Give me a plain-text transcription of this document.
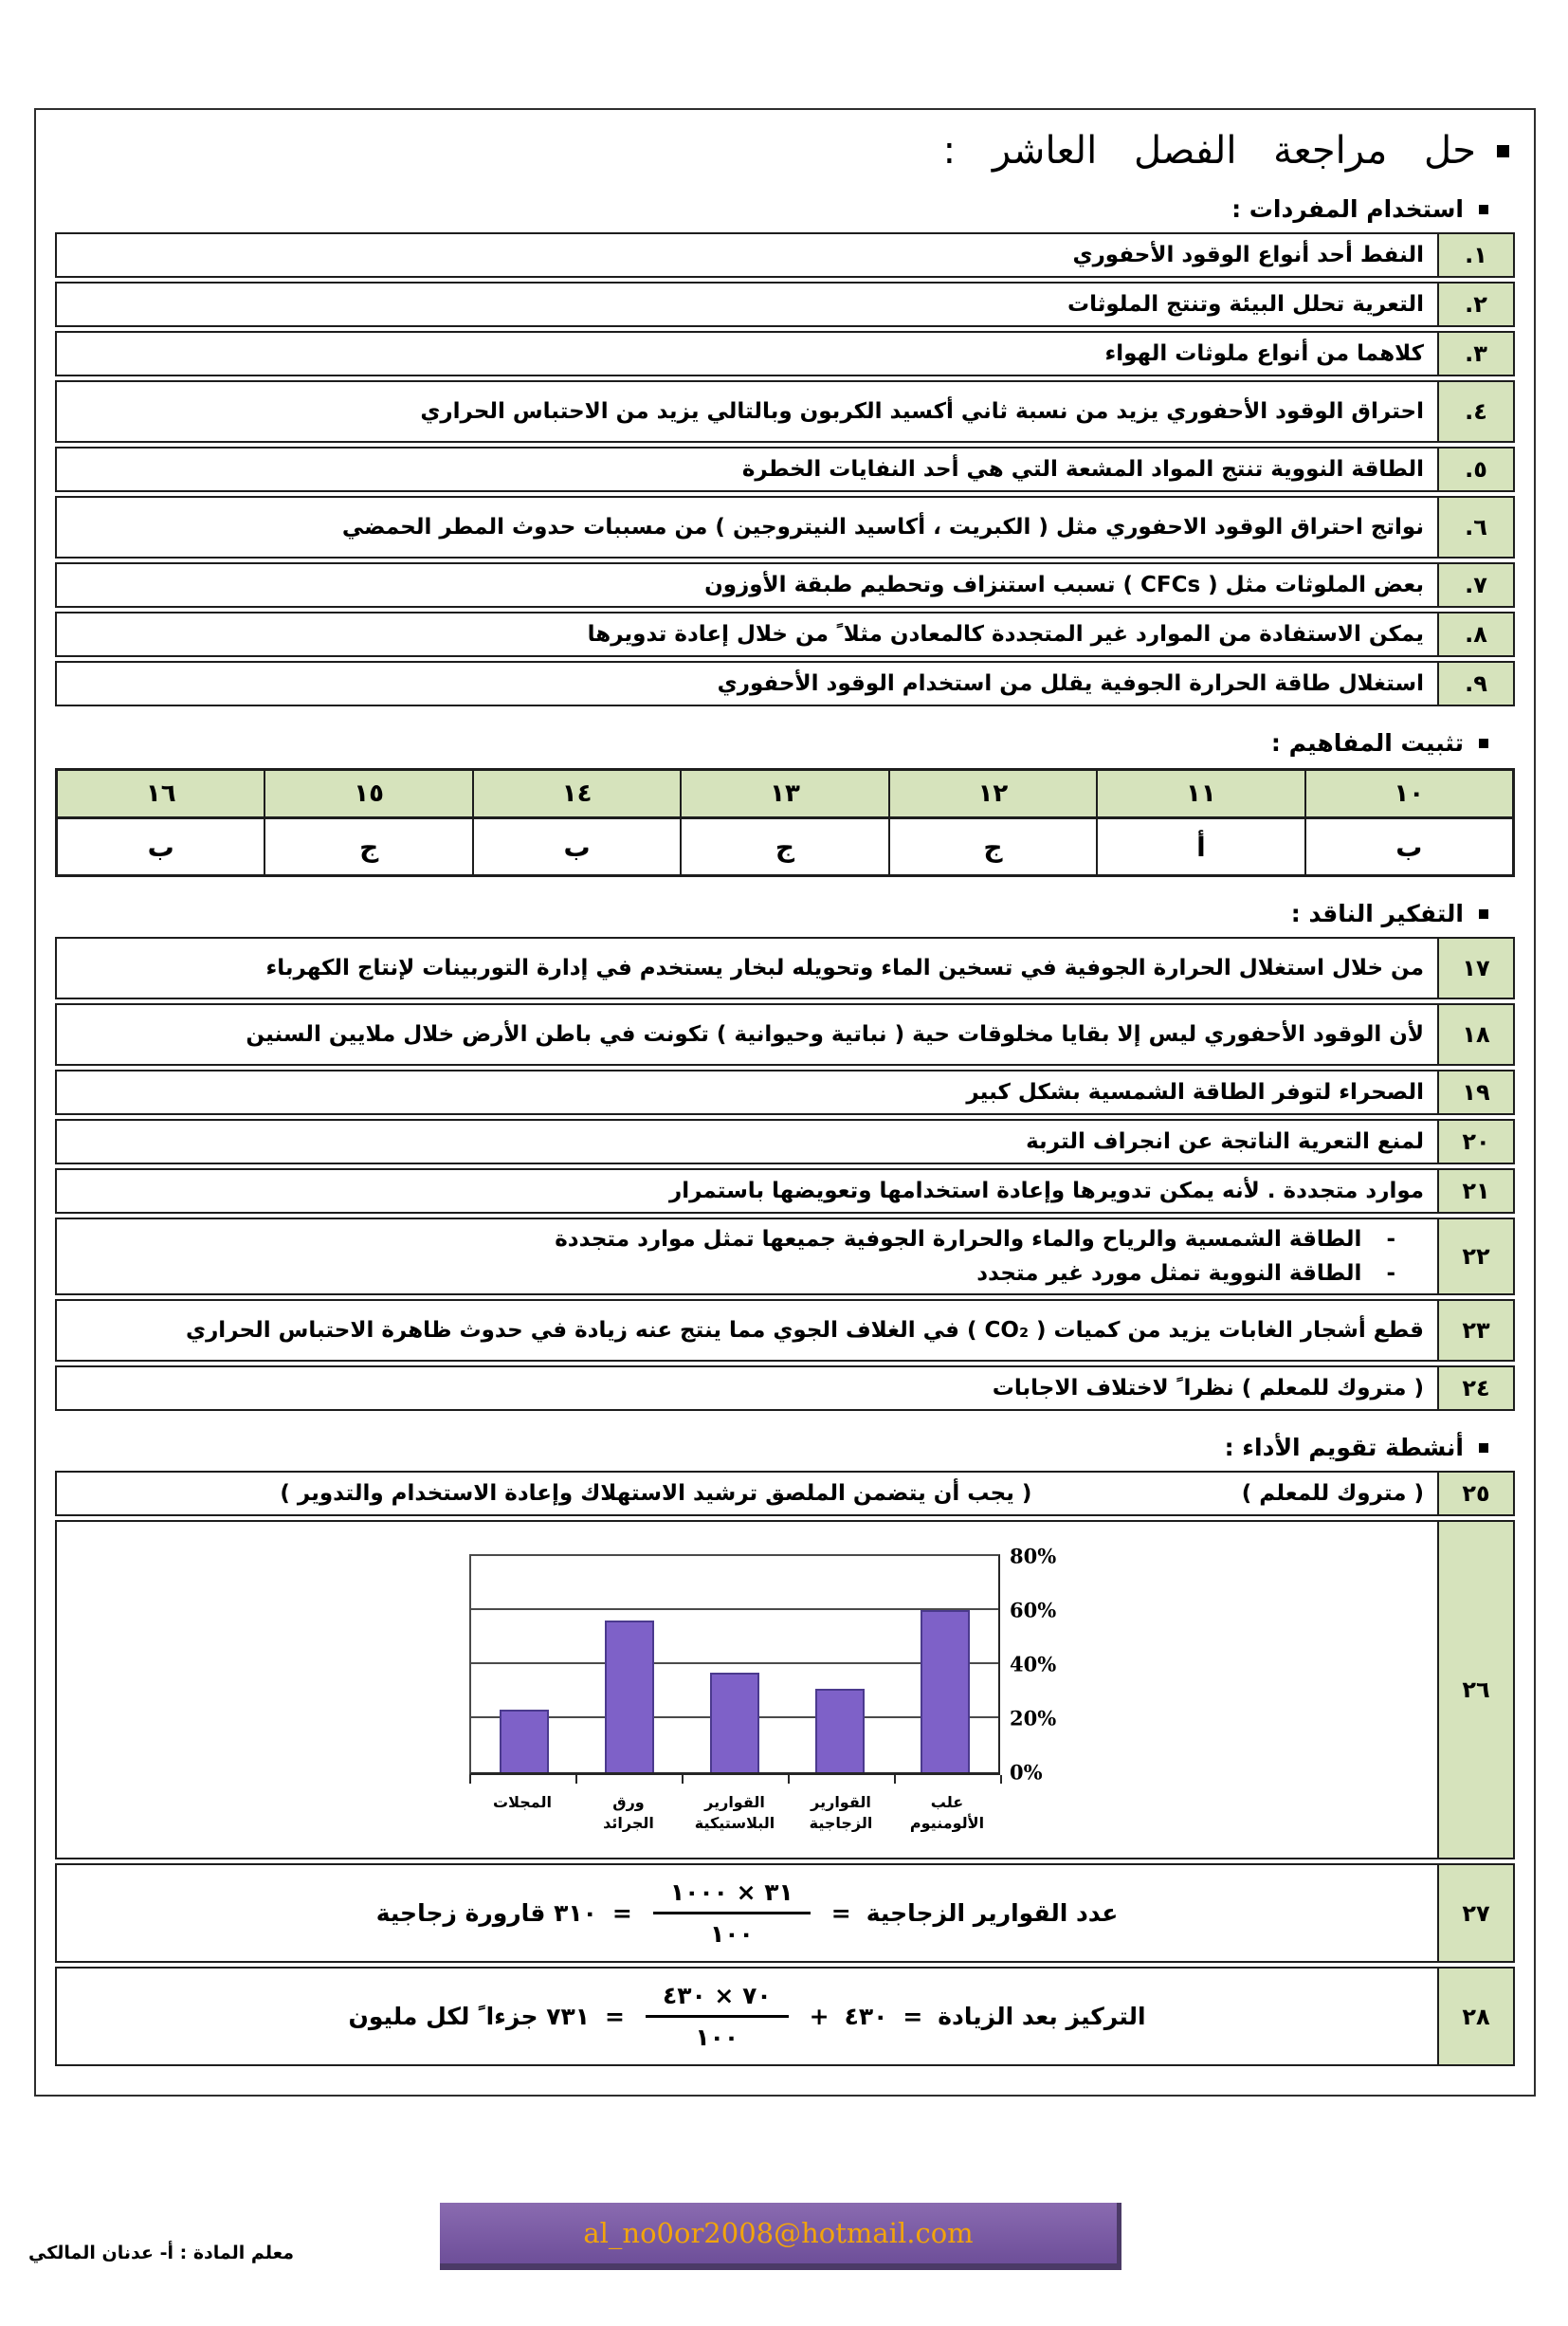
حل مراجعة الفصل العاشر :
استخدام المفردات :
١.
النفط أحد أنواع الوقود الأحفوري
٢.
التعرية تحلل البيئة وتنتج الملوثات
٣.
كلاهما من أنواع ملوثات الهواء
٤.
احتراق الوقود الأحفوري يزيد من نسبة ثاني أكسيد الكربون وبالتالي يزيد من الاحتباس الحراري
٥.
الطاقة النووية تنتج المواد المشعة التي هي أحد النفايات الخطرة
٦.
نواتج احتراق الوقود الاحفوري مثل ( الكبريت ، أكاسيد النيتروجين ) من مسببات حدوث المطر الحمضي
٧.
بعض الملوثات مثل ( CFCs ) تسبب استنزاف وتحطيم طبقة الأوزون
٨.
يمكن الاستفادة من الموارد غير المتجددة كالمعادن مثلا ً من خلال إعادة تدويرها
٩.
استغلال طاقة الحرارة الجوفية يقلل من استخدام الوقود الأحفوري
تثبيت المفاهيم :
١٠
١١
١٢
١٣
١٤
١٥
١٦
ب
أ
ج
ج
ب
ج
ب
التفكير الناقد :
١٧
من خلال استغلال الحرارة الجوفية في تسخين الماء وتحويله لبخار يستخدم في إدارة التوربينات لإنتاج الكهرباء
١٨
لأن الوقود الأحفوري ليس إلا بقايا مخلوقات حية ( نباتية وحيوانية ) تكونت في باطن الأرض خلال ملايين السنين
١٩
الصحراء لتوفر الطاقة الشمسية بشكل كبير
٢٠
لمنع التعرية الناتجة عن انجراف التربة
٢١
موارد متجددة . لأنه يمكن تدويرها وإعادة استخدامها وتعويضها باستمرار
٢٢
-
الطاقة الشمسية والرياح والماء والحرارة الجوفية جميعها تمثل موارد متجددة
-
الطاقة النووية تمثل مورد غير متجدد
٢٣
قطع أشجار الغابات يزيد من كميات ( CO₂ ) في الغلاف الجوي مما ينتج عنه زيادة في حدوث ظاهرة الاحتباس الحراري
٢٤
( متروك للمعلم ) نظرا ً لاختلاف الاجابات
أنشطة تقويم الأداء :
٢٥
( متروك للمعلم )
( يجب أن يتضمن الملصق ترشيد الاستهلاك وإعادة الاستخدام والتدوير )
٢٦
علب
الألومنيوم
القوارير
الزجاجية
القوارير
البلاستيكية
ورق
الجرائد
المجلات
0%
20%
40%
60%
80%
٢٧
عدد القوارير الزجاجية
=
$\frac{٣١ \times ١٠٠٠}{١٠٠}$
=
٣١٠ قارورة زجاجية
٢٨
التركيز بعد الزيادة
=
٤٣٠
+
$\frac{٧٠ \times ٤٣٠}{١٠٠}$
=
٧٣١ جزءا ً لكل مليون
معلم المادة : أ- عدنان المالكي
al_no0or2008@hotmail.com
